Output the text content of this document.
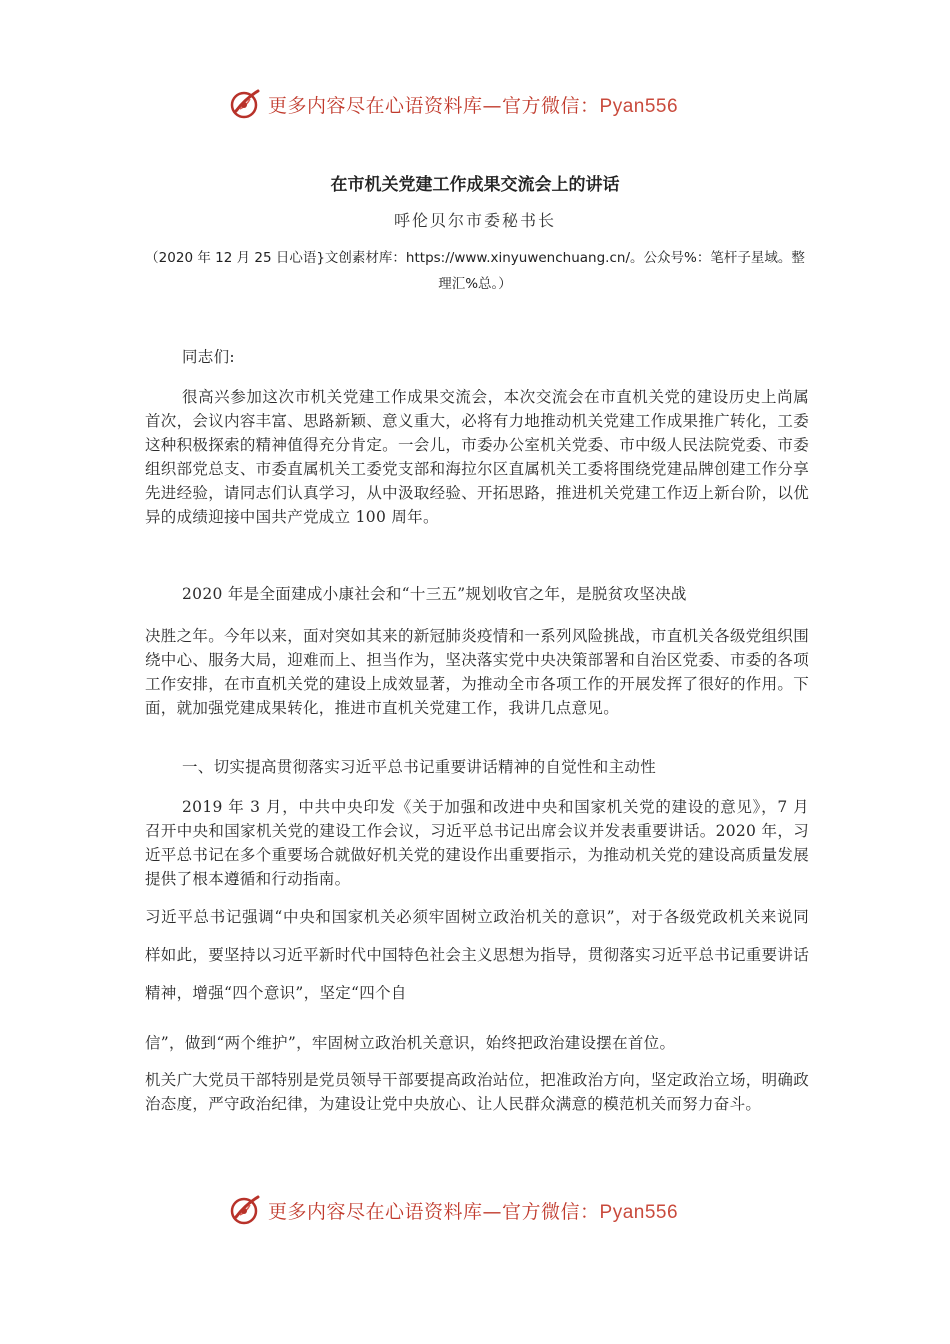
更多内容尽在心语资料库—官方微信：Pyan556
在市机关党建工作成果交流会上的讲话
呼伦贝尔市委秘书长
（2020 年 12 月 25 日心语}文创素材库：https://www.xinyuwenchuang.cn/。公众号%：笔杆子星域。整理汇%总。）

同志们:

很高兴参加这次市机关党建工作成果交流会，本次交流会在市直机关党的建设历史上尚属首次，会议内容丰富、思路新颖、意义重大，必将有力地推动机关党建工作成果推广转化，工委这种积极探索的精神值得充分肯定。一会儿，市委办公室机关党委、市中级人民法院党委、市委组织部党总支、市委直属机关工委党支部和海拉尔区直属机关工委将围绕党建品牌创建工作分享先进经验，请同志们认真学习，从中汲取经验、开拓思路，推进机关党建工作迈上新台阶，以优异的成绩迎接中国共产党成立 100 周年。

2020 年是全面建成小康社会和“十三五”规划收官之年，是脱贫攻坚决战

决胜之年。今年以来，面对突如其来的新冠肺炎疫情和一系列风险挑战，市直机关各级党组织围绕中心、服务大局，迎难而上、担当作为，坚决落实党中央决策部署和自治区党委、市委的各项工作安排，在市直机关党的建设上成效显著，为推动全市各项工作的开展发挥了很好的作用。下面，就加强党建成果转化，推进市直机关党建工作，我讲几点意见。

一、切实提高贯彻落实习近平总书记重要讲话精神的自觉性和主动性

2019 年 3 月，中共中央印发《关于加强和改进中央和国家机关党的建设的意见》，7 月召开中央和国家机关党的建设工作会议，习近平总书记出席会议并发表重要讲话。2020 年，习近平总书记在多个重要场合就做好机关党的建设作出重要指示，为推动机关党的建设高质量发展提供了根本遵循和行动指南。

习近平总书记强调“中央和国家机关必须牢固树立政治机关的意识”，对于各级党政机关来说同样如此，要坚持以习近平新时代中国特色社会主义思想为指导，贯彻落实习近平总书记重要讲话精神，增强“四个意识”，坚定“四个自

信”，做到“两个维护”，牢固树立政治机关意识，始终把政治建设摆在首位。

机关广大党员干部特别是党员领导干部要提高政治站位，把准政治方向，坚定政治立场，明确政治态度，严守政治纪律，为建设让党中央放心、让人民群众满意的模范机关而努力奋斗。

更多内容尽在心语资料库—官方微信：Pyan556
